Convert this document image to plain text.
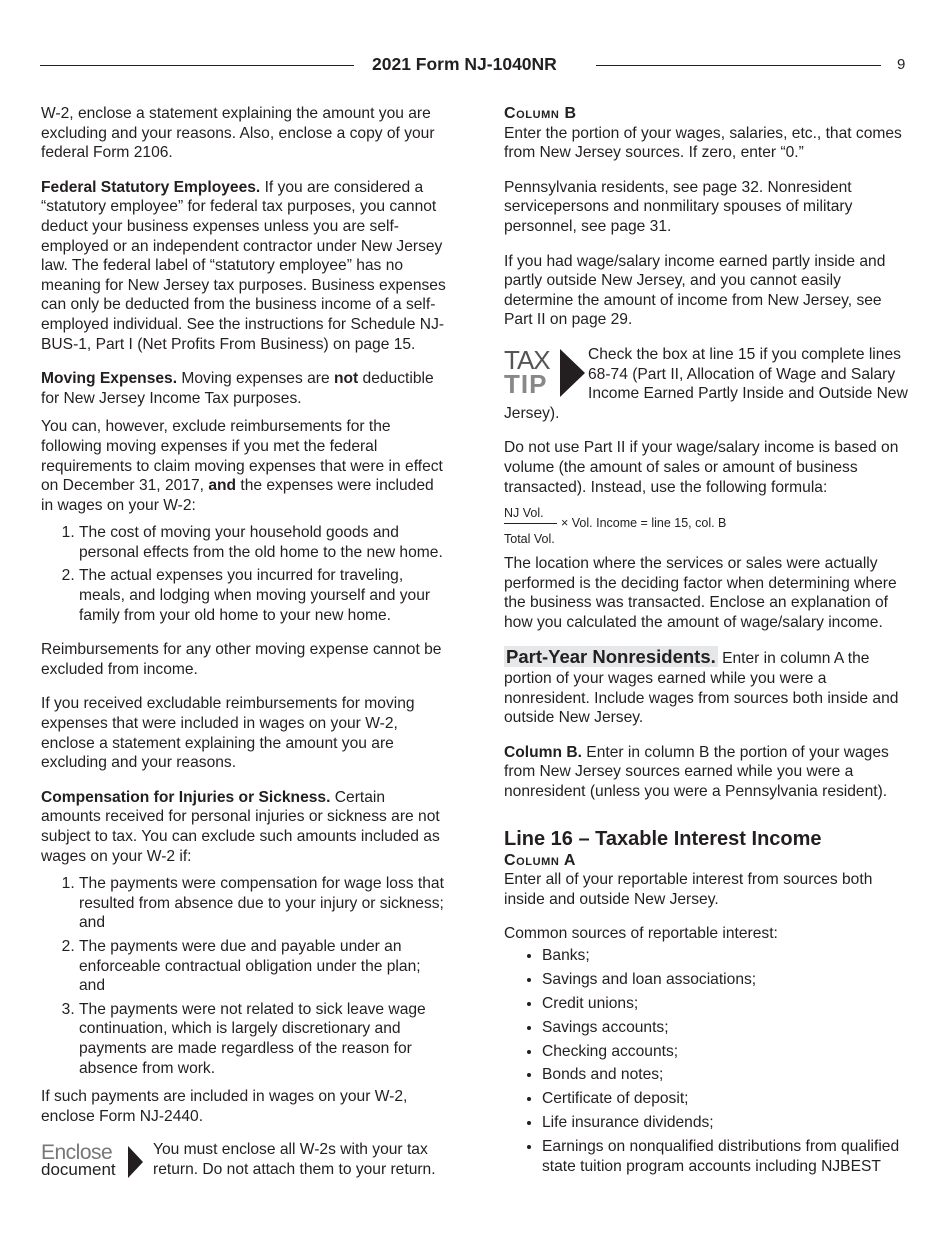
2021 Form NJ-1040NR	9

W-2, enclose a statement explaining the amount you are excluding and your reasons. Also, enclose a copy of your federal Form 2106.

Federal Statutory Employees. If you are considered a “statutory employee” for federal tax purposes, you cannot deduct your business expenses unless you are self-employed or an independent contractor under New Jersey law. The federal label of “statutory employee” has no meaning for New Jersey tax purposes. Business expenses can only be deducted from the business income of a self-employed individual. See the instructions for Schedule NJ-BUS-1, Part I (Net Profits From Business) on page 15.

Moving Expenses. Moving expenses are not deductible for New Jersey Income Tax purposes.

You can, however, exclude reimbursements for the following moving expenses if you met the federal requirements to claim moving expenses that were in effect on December 31, 2017, and the expenses were included in wages on your W-2:

1. The cost of moving your household goods and personal effects from the old home to the new home.
2. The actual expenses you incurred for traveling, meals, and lodging when moving yourself and your family from your old home to your new home.

Reimbursements for any other moving expense cannot be excluded from income.

If you received excludable reimbursements for moving expenses that were included in wages on your W-2, enclose a statement explaining the amount you are excluding and your reasons.

Compensation for Injuries or Sickness. Certain amounts received for personal injuries or sickness are not subject to tax. You can exclude such amounts included as wages on your W-2 if:

1. The payments were compensation for wage loss that resulted from absence due to your injury or sickness; and
2. The payments were due and payable under an enforceable contractual obligation under the plan; and
3. The payments were not related to sick leave wage continuation, which is largely discretionary and payments are made regardless of the reason for absence from work.

If such payments are included in wages on your W-2, enclose Form NJ-2440.

Enclose
document
You must enclose all W-2s with your tax return. Do not attach them to your return.
Column B

Enter the portion of your wages, salaries, etc., that comes from New Jersey sources. If zero, enter “0.”

Pennsylvania residents, see page 32. Nonresident servicepersons and nonmilitary spouses of military personnel, see page 31.

If you had wage/salary income earned partly inside and partly outside New Jersey, and you cannot easily determine the amount of income from New Jersey, see Part II on page 29.

TAX
TIP
Check the box at line 15 if you complete lines 68-74 (Part II, Allocation of Wage and Salary Income Earned Partly Inside and Outside New Jersey).

Do not use Part II if your wage/salary income is based on volume (the amount of sales or amount of business transacted). Instead, use the following formula:

NJ Vol.
× Vol. Income = line 15, col. B
Total Vol.

The location where the services or sales were actually performed is the deciding factor when determining where the business was transacted. Enclose an explanation of how you calculated the amount of wage/salary income.

Part-Year Nonresidents. Enter in column A the portion of your wages earned while you were a nonresident. Include wages from sources both inside and outside New Jersey.

Column B. Enter in column B the portion of your wages from New Jersey sources earned while you were a nonresident (unless you were a Pennsylvania resident).

Line 16 – Taxable Interest Income
Column A

Enter all of your reportable interest from sources both inside and outside New Jersey.

Common sources of reportable interest:
• Banks;
• Savings and loan associations;
• Credit unions;
• Savings accounts;
• Checking accounts;
• Bonds and notes;
• Certificate of deposit;
• Life insurance dividends;
• Earnings on nonqualified distributions from qualified state tuition program accounts including NJBEST
